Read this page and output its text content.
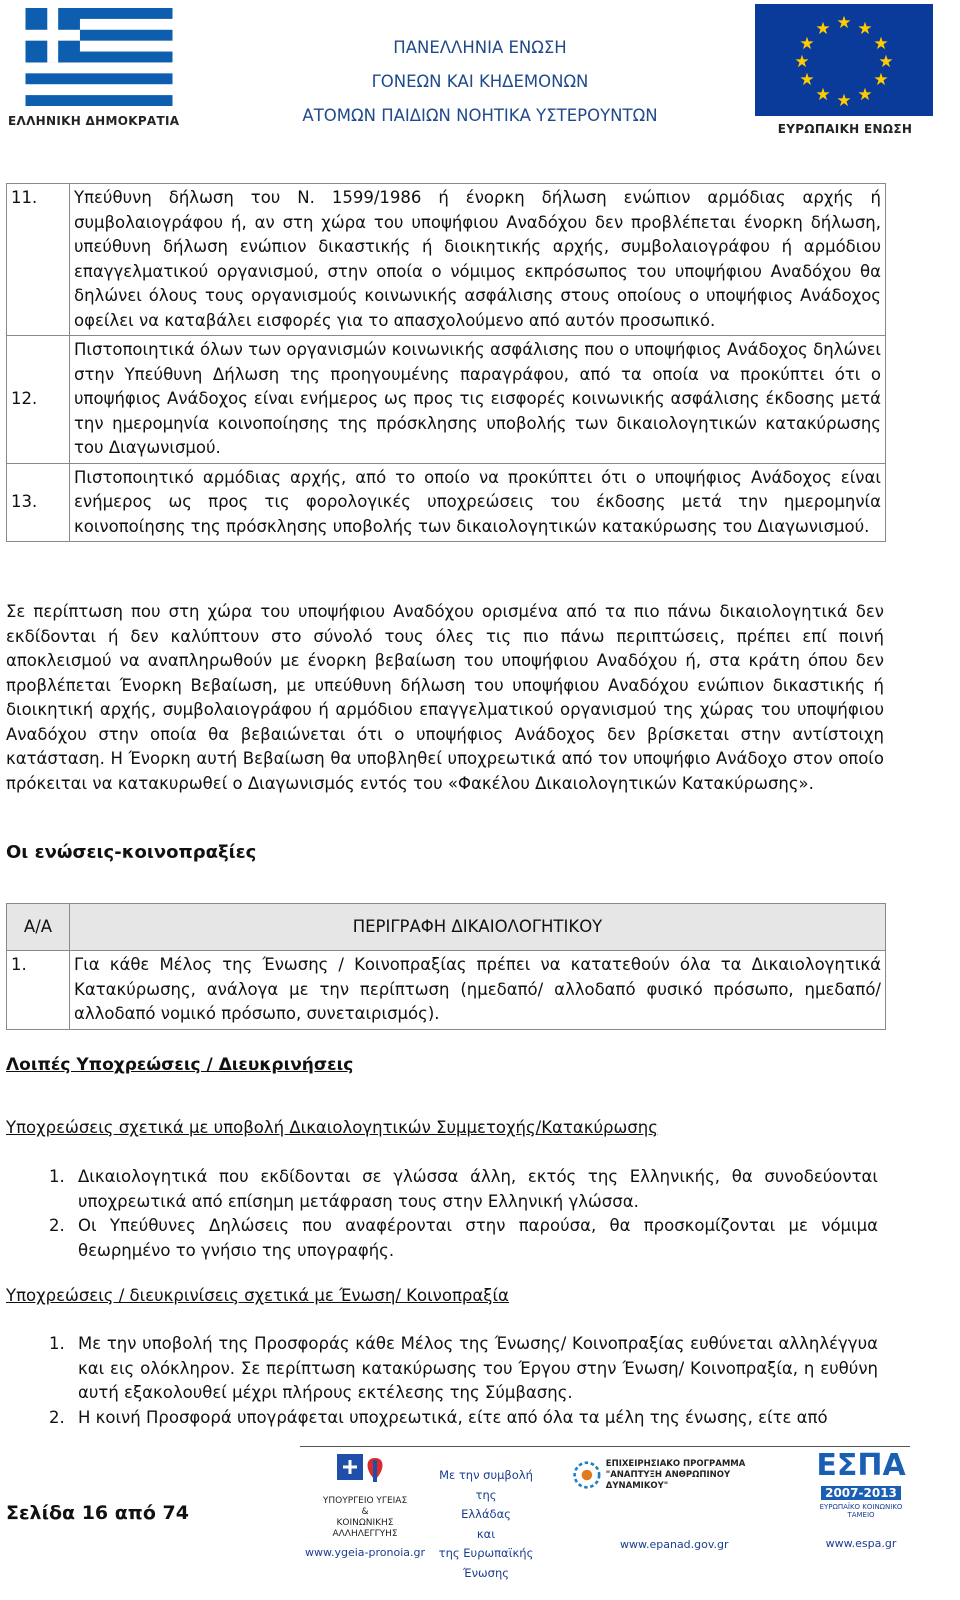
ΕΛΛΗΝΙΚΗ ΔΗΜΟΚΡΑΤΙΑ
ΠΑΝΕΛΛΗΝΙΑ ΕΝΩΣΗ
ΓΟΝΕΩΝ ΚΑΙ ΚΗΔΕΜΟΝΩΝ
ΑΤΟΜΩΝ ΠΑΙΔΙΩΝ ΝΟΗΤΙΚΑ ΥΣΤΕΡΟΥΝΤΩΝ
★ ★
★
★
★
★
★
★
★
★
★
★
ΕΥΡΩΠΑΙΚΗ ΕΝΩΣΗ
11.	Υπεύθυνη δήλωση του Ν. 1599/1986 ή ένορκη δήλωση ενώπιον αρμόδιας αρχής ή συμβολαιογράφου ή, αν στη χώρα του υποψήφιου Αναδόχου δεν προβλέπεται ένορκη δήλωση, υπεύθυνη δήλωση ενώπιον δικαστικής ή διοικητικής αρχής, συμβολαιογράφου ή αρμόδιου επαγγελματικού οργανισμού, στην οποία ο νόμιμος εκπρόσωπος του υποψήφιου Αναδόχου θα δηλώνει όλους τους οργανισμούς κοινωνικής ασφάλισης στους οποίους ο υποψήφιος Ανάδοχος οφείλει να καταβάλει εισφορές για το απασχολούμενο από αυτόν προσωπικό.
12.	Πιστοποιητικά όλων των οργανισμών κοινωνικής ασφάλισης που ο υποψήφιος Ανάδοχος δηλώνει στην Υπεύθυνη Δήλωση της προηγουμένης παραγράφου, από τα οποία να προκύπτει ότι ο υποψήφιος Ανάδοχος είναι ενήμερος ως προς τις εισφορές κοινωνικής ασφάλισης έκδοσης μετά την ημερομηνία κοινοποίησης της πρόσκλησης υποβολής των δικαιολογητικών κατακύρωσης του Διαγωνισμού.
13.	Πιστοποιητικό αρμόδιας αρχής, από το οποίο να προκύπτει ότι ο υποψήφιος Ανάδοχος είναι ενήμερος ως προς τις φορολογικές υποχρεώσεις του έκδοσης μετά την ημερομηνία κοινοποίησης της πρόσκλησης υποβολής των δικαιολογητικών κατακύρωσης του Διαγωνισμού.
Σε περίπτωση που στη χώρα του υποψήφιου Αναδόχου ορισμένα από τα πιο πάνω δικαιολογητικά δεν εκδίδονται ή δεν καλύπτουν στο σύνολό τους όλες τις πιο πάνω περιπτώσεις, πρέπει επί ποινή αποκλεισμού να αναπληρωθούν με ένορκη βεβαίωση του υποψήφιου Αναδόχου ή, στα κράτη όπου δεν προβλέπεται Ένορκη Βεβαίωση, με υπεύθυνη δήλωση του υποψήφιου Αναδόχου ενώπιον δικαστικής ή διοικητική αρχής, συμβολαιογράφου ή αρμόδιου επαγγελματικού οργανισμού της χώρας του υποψήφιου Αναδόχου στην οποία θα βεβαιώνεται ότι ο υποψήφιος Ανάδοχος δεν βρίσκεται στην αντίστοιχη κατάσταση. Η Ένορκη αυτή Βεβαίωση θα υποβληθεί υποχρεωτικά από τον υποψήφιο Ανάδοχο στον οποίο πρόκειται να κατακυρωθεί ο Διαγωνισμός εντός του «Φακέλου Δικαιολογητικών Κατακύρωσης».
Οι ενώσεις-κοινοπραξίες
Α/Α	ΠΕΡΙΓΡΑΦΗ ΔΙΚΑΙΟΛΟΓΗΤΙΚΟΥ
1.	Για κάθε Μέλος της Ένωσης / Κοινοπραξίας πρέπει να κατατεθούν όλα τα Δικαιολογητικά Κατακύρωσης, ανάλογα με την περίπτωση (ημεδαπό/ αλλοδαπό φυσικό πρόσωπο, ημεδαπό/ αλλοδαπό νομικό πρόσωπο, συνεταιρισμός).
Λοιπές Υποχρεώσεις / Διευκρινήσεις
Υποχρεώσεις σχετικά με υποβολή Δικαιολογητικών Συμμετοχής/Κατακύρωσης
1. Δικαιολογητικά που εκδίδονται σε γλώσσα άλλη, εκτός της Ελληνικής, θα συνοδεύονται υποχρεωτικά από επίσημη μετάφραση τους στην Ελληνική γλώσσα.
2. Οι Υπεύθυνες Δηλώσεις που αναφέρονται στην παρούσα, θα προσκομίζονται με νόμιμα θεωρημένο το γνήσιο της υπογραφής.
Υποχρεώσεις / διευκρινίσεις σχετικά με Ένωση/ Κοινοπραξία
1. Με την υποβολή της Προσφοράς κάθε Μέλος της Ένωσης/ Κοινοπραξίας ευθύνεται αλληλέγγυα και εις ολόκληρον. Σε περίπτωση κατακύρωσης του Έργου στην Ένωση/ Κοινοπραξία, η ευθύνη αυτή εξακολουθεί μέχρι πλήρους εκτέλεσης της Σύμβασης.
2. Η κοινή Προσφορά υπογράφεται υποχρεωτικά, είτε από όλα τα μέλη της ένωσης, είτε από
Σελίδα 16 από 74
ΥΠΟΥΡΓΕΙΟ ΥΓΕΙΑΣ
&
ΚΟΙΝΩΝΙΚΗΣ ΑΛΛΗΛΕΓΓΥΗΣ
www.ygeia-pronoia.gr
Με την συμβολή της
Ελλάδας
και
της Ευρωπαϊκής
Ένωσης
ΕΠΙΧΕΙΡΗΣΙΑΚΟ ΠΡΟΓΡΑΜΜΑ
"ΑΝΑΠΤΥΞΗ ΑΝΘΡΩΠΙΝΟΥ ΔΥΝΑΜΙΚΟΥ"
www.epanad.gov.gr
ΕΣΠΑ
2007-2013
ΕΥΡΩΠΑΪΚΟ ΚΟΙΝΩΝΙΚΟ ΤΑΜΕΙΟ
www.espa.gr
